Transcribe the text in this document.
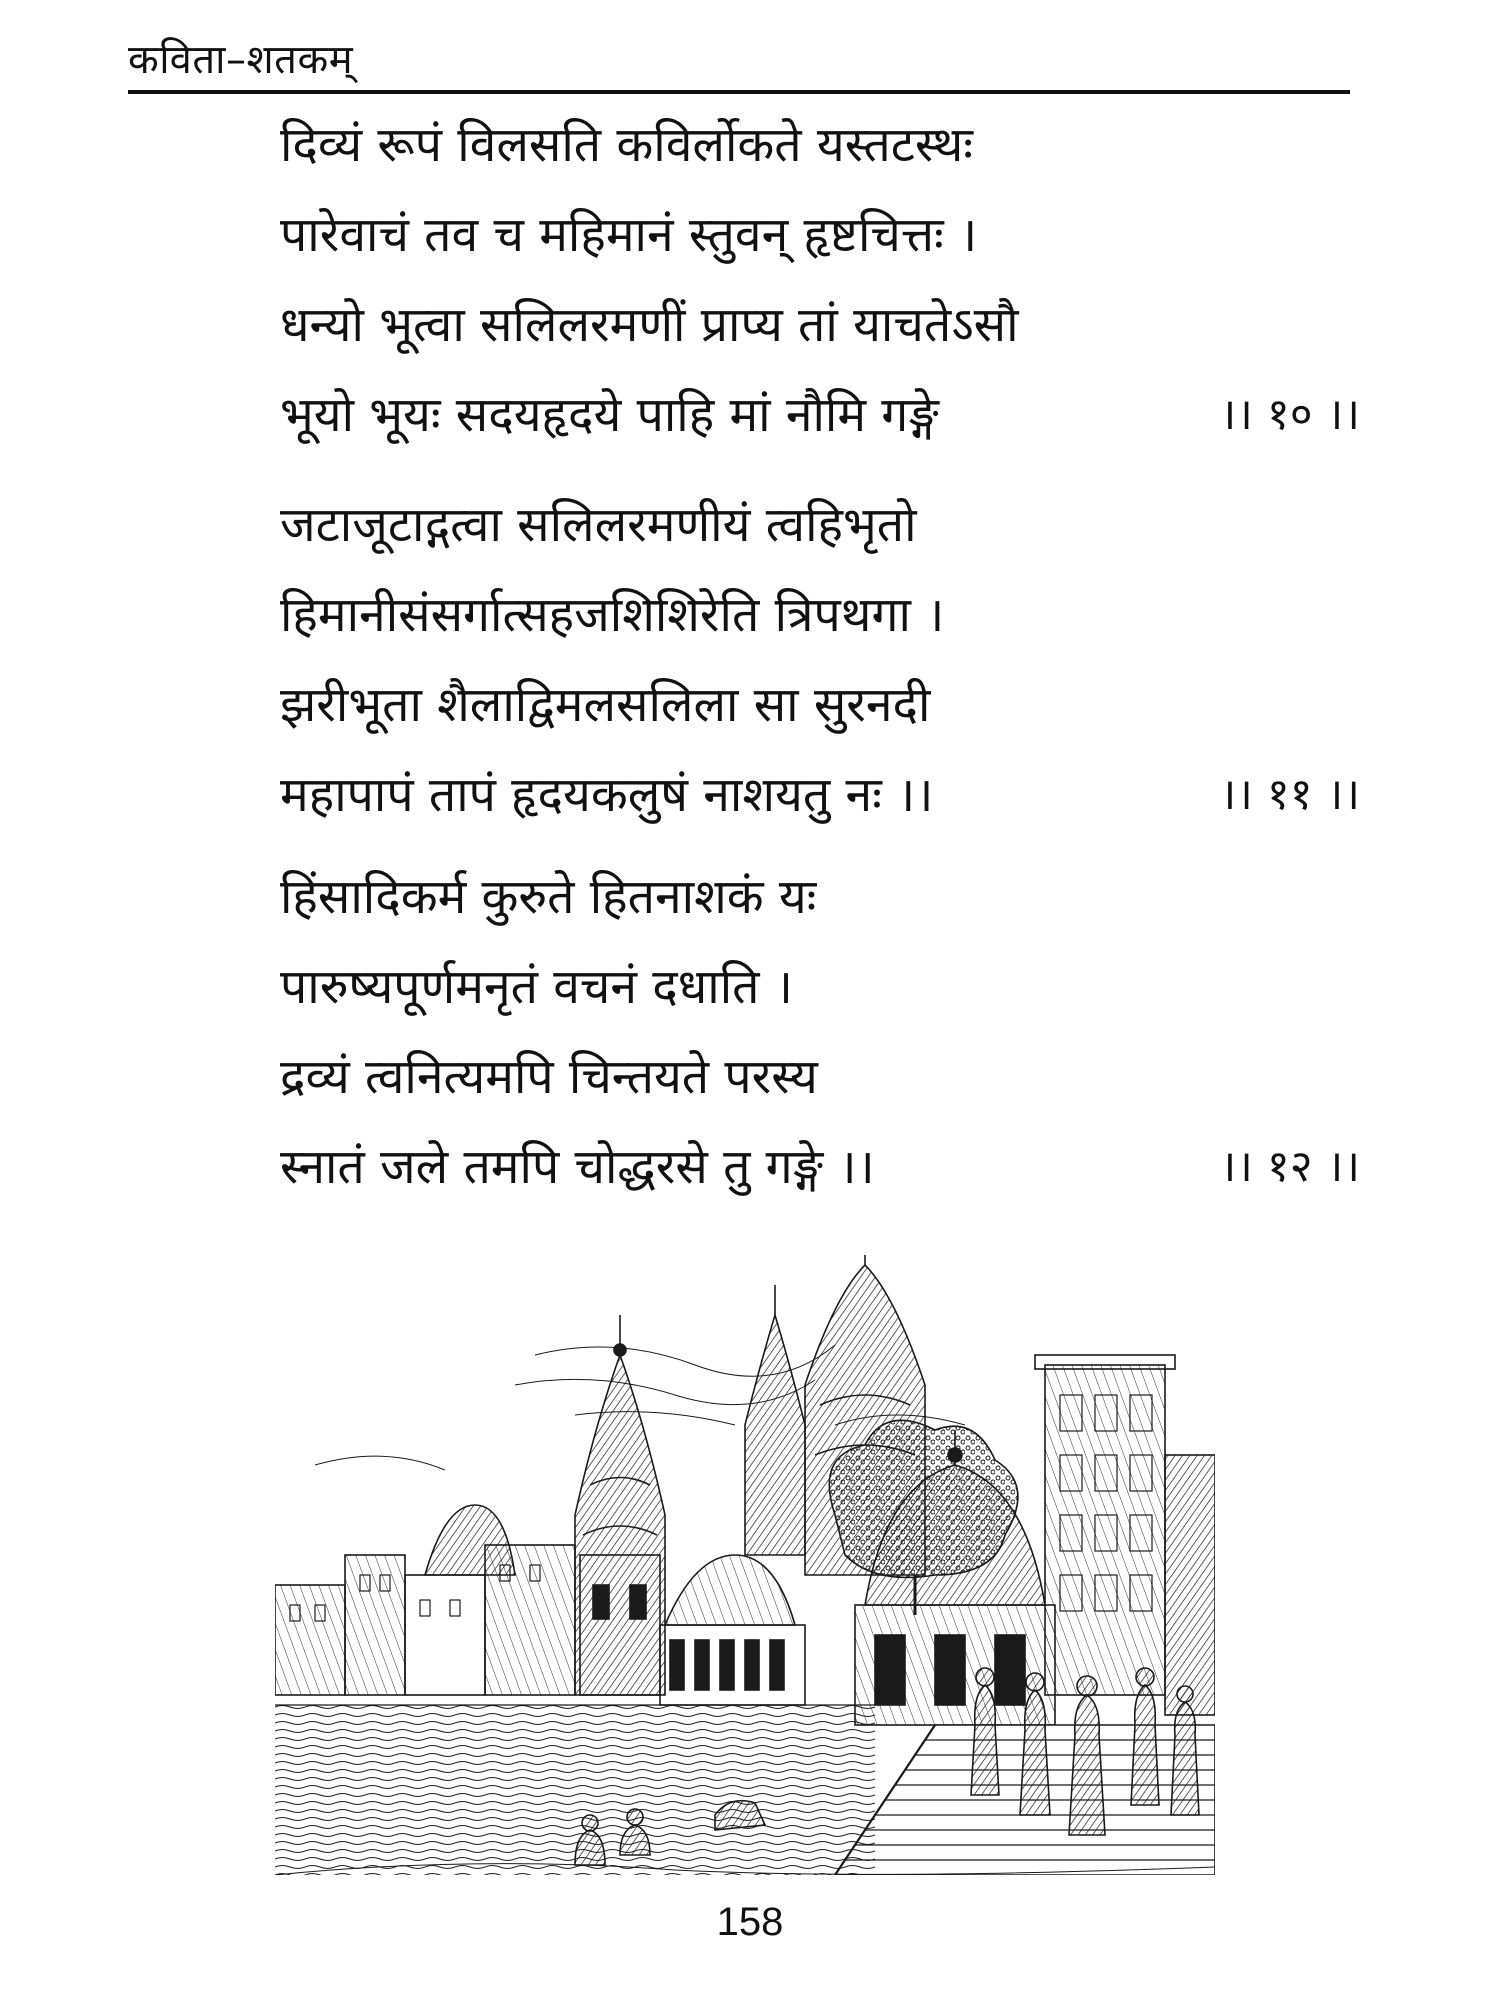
कविता–शतकम्
दिव्यं रूपं विलसति कविर्लोकते यस्तटस्थः
पारेवाचं तव च महिमानं स्तुवन् हृष्टचित्तः ।
धन्यो भूत्वा सलिलरमणीं प्राप्य तां याचतेऽसौ
भूयो भूयः सदयहृदये पाहि मां नौमि गङ्गे	।। १० ।।
जटाजूटाद्गत्वा सलिलरमणीयं त्वहिभृतो
हिमानीसंसर्गात्सहजशिशिरेति त्रिपथगा ।
झरीभूता शैलाद्विमलसलिला सा सुरनदी
महापापं तापं हृदयकलुषं नाशयतु नः ।।	।। ११ ।।
हिंसादिकर्म कुरुते हितनाशकं यः
पारुष्यपूर्णमनृतं वचनं दधाति ।
द्रव्यं त्वनित्यमपि चिन्तयते परस्य
स्नातं जले तमपि चोद्धरसे तु गङ्गे ।।	।। १२ ।।
158
